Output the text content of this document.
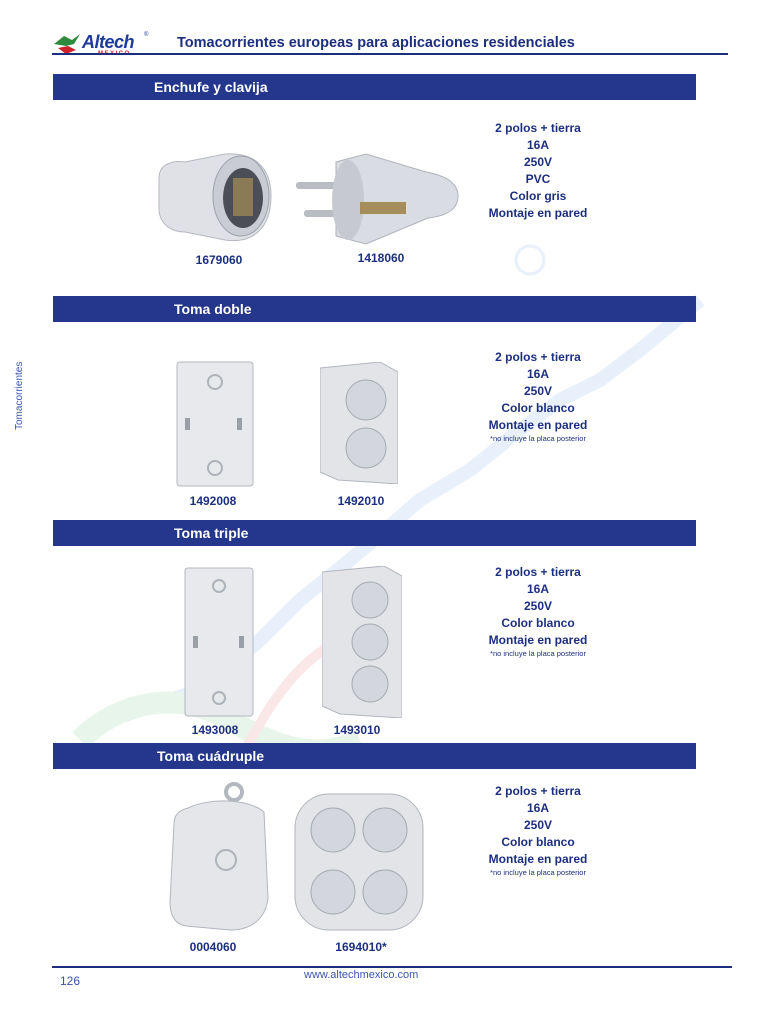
Altech ® Tomacorrientes europeas para aplicaciones residenciales
Tomacorrientes
Enchufe y clavija
1679060	1418060
2 polos + tierra
16A
250V
PVC
Color gris
Montaje en pared
Toma doble
1492008	1492010
2 polos + tierra
16A
250V
Color blanco
Montaje en pared
*no incluye la placa posterior
Toma triple
1493008	1493010
2 polos + tierra
16A
250V
Color blanco
Montaje en pared
*no incluye la placa posterior
Toma cuádruple
0004060	1694010*
2 polos + tierra
16A
250V
Color blanco
Montaje en pared
*no incluye la placa posterior
126	www.altechmexico.com
